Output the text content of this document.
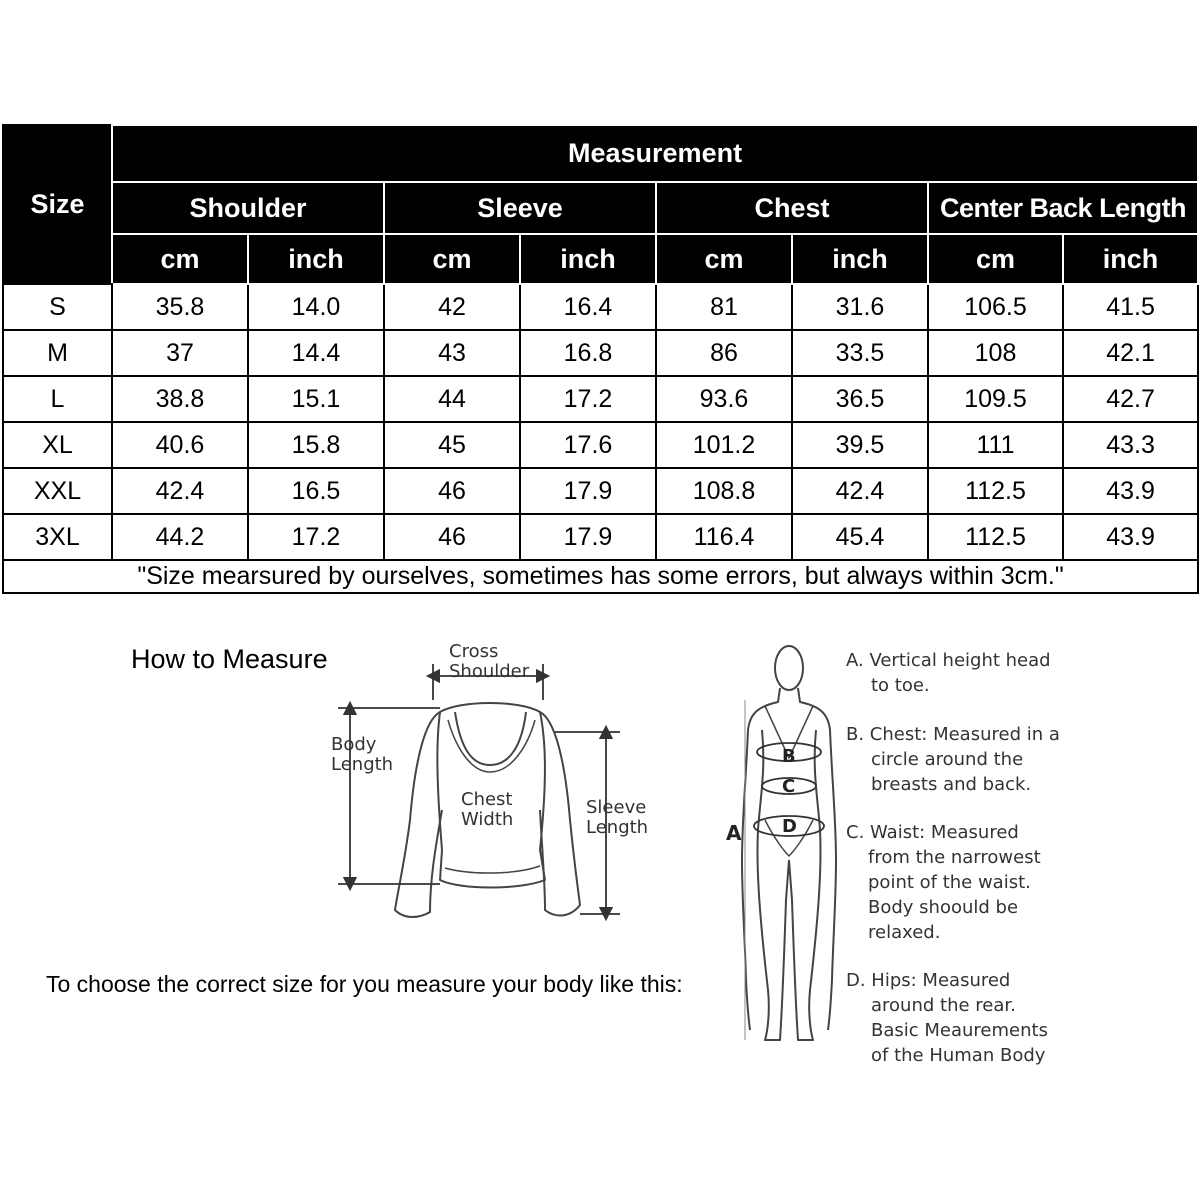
Size	Measurement							
	Shoulder		Sleeve		Chest		Center Back Length	
	cm	inch	cm	inch	cm	inch	cm	inch
S	35.8	14.0	42	16.4	81	31.6	106.5	41.5
M	37	14.4	43	16.8	86	33.5	108	42.1
L	38.8	15.1	44	17.2	93.6	36.5	109.5	42.7
XL	40.6	15.8	45	17.6	101.2	39.5	111	43.3
XXL	42.4	16.5	46	17.9	108.8	42.4	112.5	43.9
3XL	44.2	17.2	46	17.9	116.4	45.4	112.5	43.9
"Size mearsured by ourselves, sometimes has some errors, but always within 3cm."								
How to Measure
A
B
C
D
Cross
Shoulder
Body
Length
Chest
Width
Sleeve
Length
A. Vertical height head
to toe.
B. Chest: Measured in a
circle around the
breasts and back.
C. Waist: Measured
from the narrowest
point of the waist.
Body shoould be
relaxed.
D. Hips: Measured
around the rear.
Basic Meaurements
of the Human Body
To choose the correct size for you measure your body like this:
